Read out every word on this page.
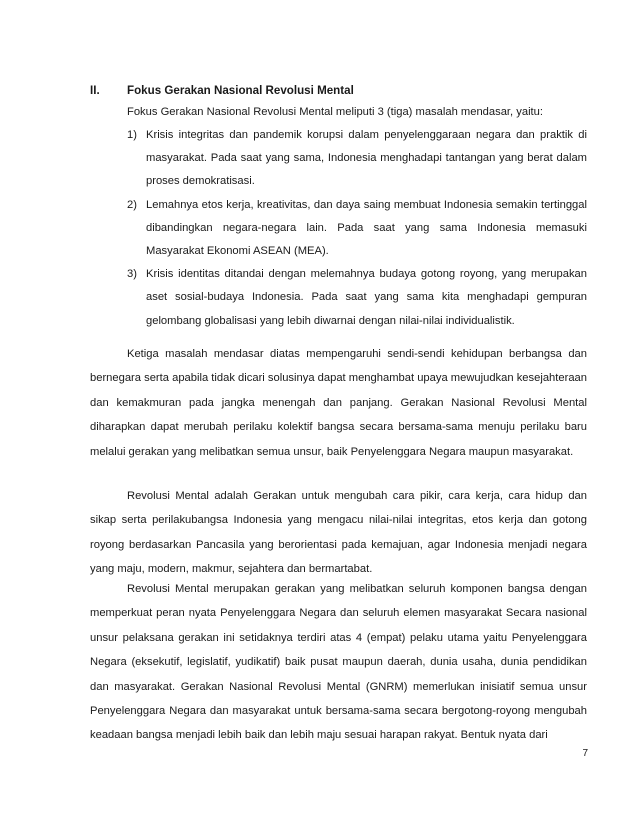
II. Fokus Gerakan Nasional Revolusi Mental
Fokus Gerakan Nasional Revolusi Mental meliputi 3 (tiga) masalah mendasar, yaitu:
1) Krisis integritas dan pandemik korupsi dalam penyelenggaraan negara dan praktik di masyarakat. Pada saat yang sama, Indonesia menghadapi tantangan yang berat dalam proses demokratisasi.
2) Lemahnya etos kerja, kreativitas, dan daya saing membuat Indonesia semakin tertinggal dibandingkan negara-negara lain. Pada saat yang sama Indonesia memasuki Masyarakat Ekonomi ASEAN (MEA).
3) Krisis identitas ditandai dengan melemahnya budaya gotong royong, yang merupakan aset sosial-budaya Indonesia. Pada saat yang sama kita menghadapi gempuran gelombang globalisasi yang lebih diwarnai dengan nilai-nilai individualistik.

Ketiga masalah mendasar diatas mempengaruhi sendi-sendi kehidupan berbangsa dan bernegara serta apabila tidak dicari solusinya dapat menghambat upaya mewujudkan kesejahteraan dan kemakmuran pada jangka menengah dan panjang. Gerakan Nasional Revolusi Mental diharapkan dapat merubah perilaku kolektif bangsa secara bersama-sama menuju perilaku baru melalui gerakan yang melibatkan semua unsur, baik Penyelenggara Negara maupun masyarakat.

Revolusi Mental adalah Gerakan untuk mengubah cara pikir, cara kerja, cara hidup dan sikap serta perilakubangsa Indonesia yang mengacu nilai-nilai integritas, etos kerja dan gotong royong berdasarkan Pancasila yang berorientasi pada kemajuan, agar Indonesia menjadi negara yang maju, modern, makmur, sejahtera dan bermartabat.

Revolusi Mental merupakan gerakan yang melibatkan seluruh komponen bangsa dengan memperkuat peran nyata Penyelenggara Negara dan seluruh elemen masyarakat Secara nasional unsur pelaksana gerakan ini setidaknya terdiri atas 4 (empat) pelaku utama yaitu Penyelenggara Negara (eksekutif, legislatif, yudikatif) baik pusat maupun daerah, dunia usaha, dunia pendidikan dan masyarakat. Gerakan Nasional Revolusi Mental (GNRM) memerlukan inisiatif semua unsur Penyelenggara Negara dan masyarakat untuk bersama-sama secara bergotong-royong mengubah keadaan bangsa menjadi lebih baik dan lebih maju sesuai harapan rakyat. Bentuk nyata dari

7
